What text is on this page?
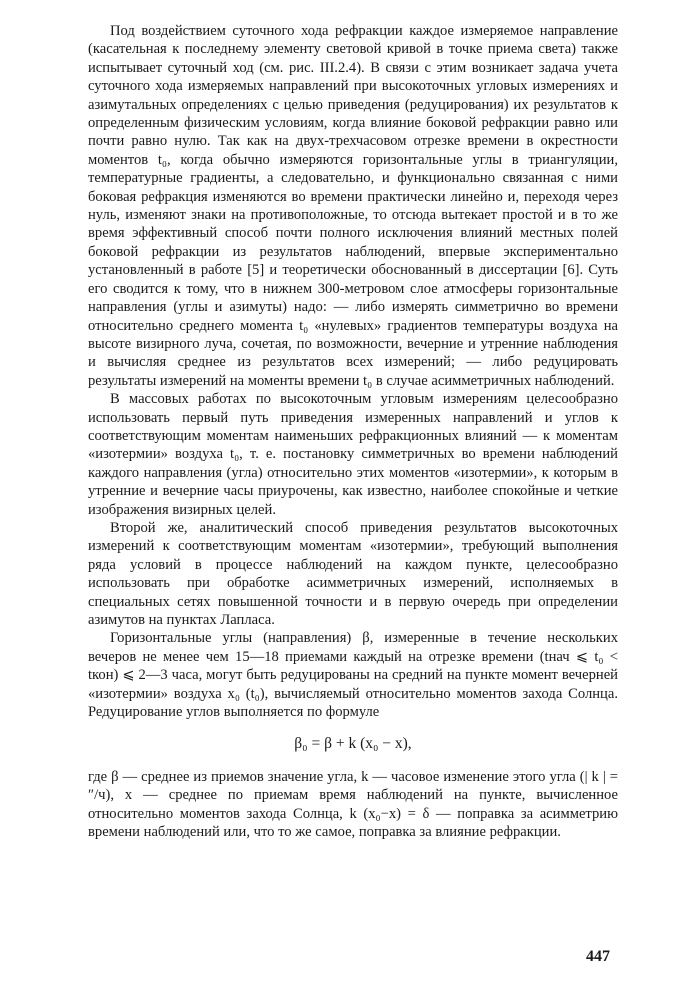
Под воздействием суточного хода рефракции каждое измеряемое направление (касательная к последнему элементу световой кривой в точке приема света) также испытывает суточный ход (см. рис. III.2.4). В связи с этим возникает задача учета суточного хода измеряемых направлений при высокоточных угловых измерениях и азимутальных определениях с целью приведения (редуцирования) их результатов к определенным физическим условиям, когда влияние боковой рефракции равно или почти равно нулю. Так как на двух-трехчасовом отрезке времени в окрестности моментов t₀, когда обычно измеряются горизонтальные углы в триангуляции, температурные градиенты, а следовательно, и функционально связанная с ними боковая рефракция изменяются во времени практически линейно и, переходя через нуль, изменяют знаки на противоположные, то отсюда вытекает простой и в то же время эффективный способ почти полного исключения влияний местных полей боковой рефракции из результатов наблюдений, впервые экспериментально установленный в работе [5] и теоретически обоснованный в диссертации [6]. Суть его сводится к тому, что в нижнем 300-метровом слое атмосферы горизонтальные направления (углы и азимуты) надо: — либо измерять симметрично во времени относительно среднего момента t₀ «нулевых» градиентов температуры воздуха на высоте визирного луча, сочетая, по возможности, вечерние и утренние наблюдения и вычисляя среднее из результатов всех измерений; — либо редуцировать результаты измерений на моменты времени t₀ в случае асимметричных наблюдений.

В массовых работах по высокоточным угловым измерениям целесообразно использовать первый путь приведения измеренных направлений и углов к соответствующим моментам наименьших рефракционных влияний — к моментам «изотермии» воздуха t₀, т. е. постановку симметричных во времени наблюдений каждого направления (угла) относительно этих моментов «изотермии», к которым в утренние и вечерние часы приурочены, как известно, наиболее спокойные и четкие изображения визирных целей.

Второй же, аналитический способ приведения результатов высокоточных измерений к соответствующим моментам «изотермии», требующий выполнения ряда условий в процессе наблюдений на каждом пункте, целесообразно использовать при обработке асимметричных измерений, исполняемых в специальных сетях повышенной точности и в первую очередь при определении азимутов на пунктах Лапласа.

Горизонтальные углы (направления) β, измеренные в течение нескольких вечеров не менее чем 15—18 приемами каждый на отрезке времени (tнач ⩽ t₀ < tкон) ⩽ 2—3 часа, могут быть редуцированы на средний на пункте момент вечерней «изотермии» воздуха x₀ (t₀), вычисляемый относительно моментов захода Солнца. Редуцирование углов выполняется по формуле

β₀ = β + k (x₀ − x),

где β — среднее из приемов значение угла, k — часовое изменение этого угла (| k | = ″/ч), x — среднее по приемам время наблюдений на пункте, вычисленное относительно моментов захода Солнца, k (x₀−x) = δ — поправка за асимметрию времени наблюдений или, что то же самое, поправка за влияние рефракции.

447
